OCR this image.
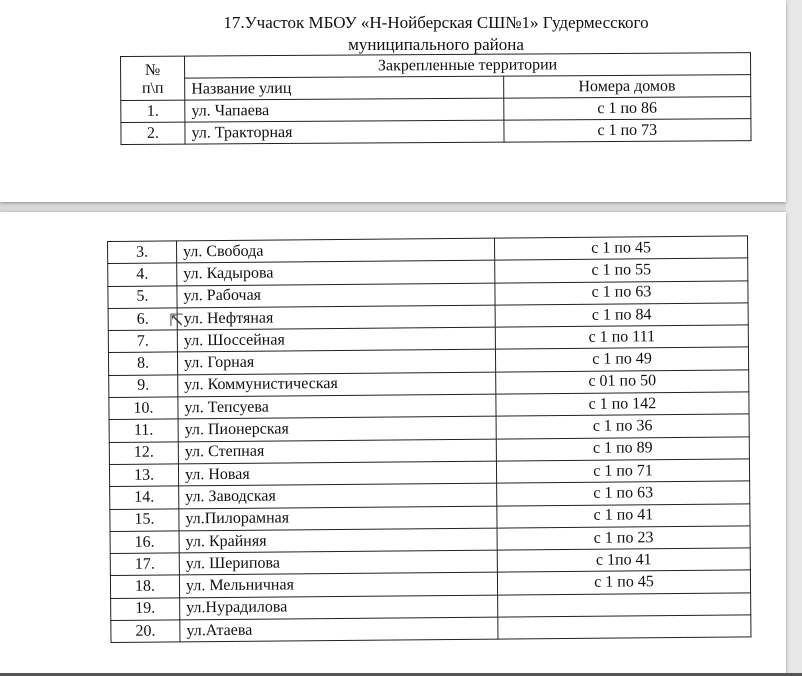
17.Участок МБОУ «Н-Нойберская СШ№1» Гудермесского
муниципального района
№
п\п	Закрепленные территории	
	Название улиц	Номера домов
1.	ул. Чапаева	с 1 по 86
2.	ул. Тракторная	с 1 по 73
3.	ул. Свобода	с 1 по 45
4.	ул. Кадырова	с 1 по 55
5.	ул. Рабочая	с 1 по 63
6.	ул. Нефтяная	с 1 по 84
7.	ул. Шоссейная	с 1 по 111
8.	ул. Горная	с 1 по 49
9.	ул. Коммунистическая	с 01 по 50
10.	ул. Тепсуева	с 1 по 142
11.	ул. Пионерская	с 1 по 36
12.	ул. Степная	с 1 по 89
13.	ул. Новая	с 1 по 71
14.	ул. Заводская	с 1 по 63
15.	ул.Пилорамная	с 1 по 41
16.	ул. Крайняя	с 1 по 23
17.	ул. Шерипова	с 1по 41
18.	ул. Мельничная	с 1 по 45
19.	ул.Нурадилова	
20.	ул.Атаева	
⇱
